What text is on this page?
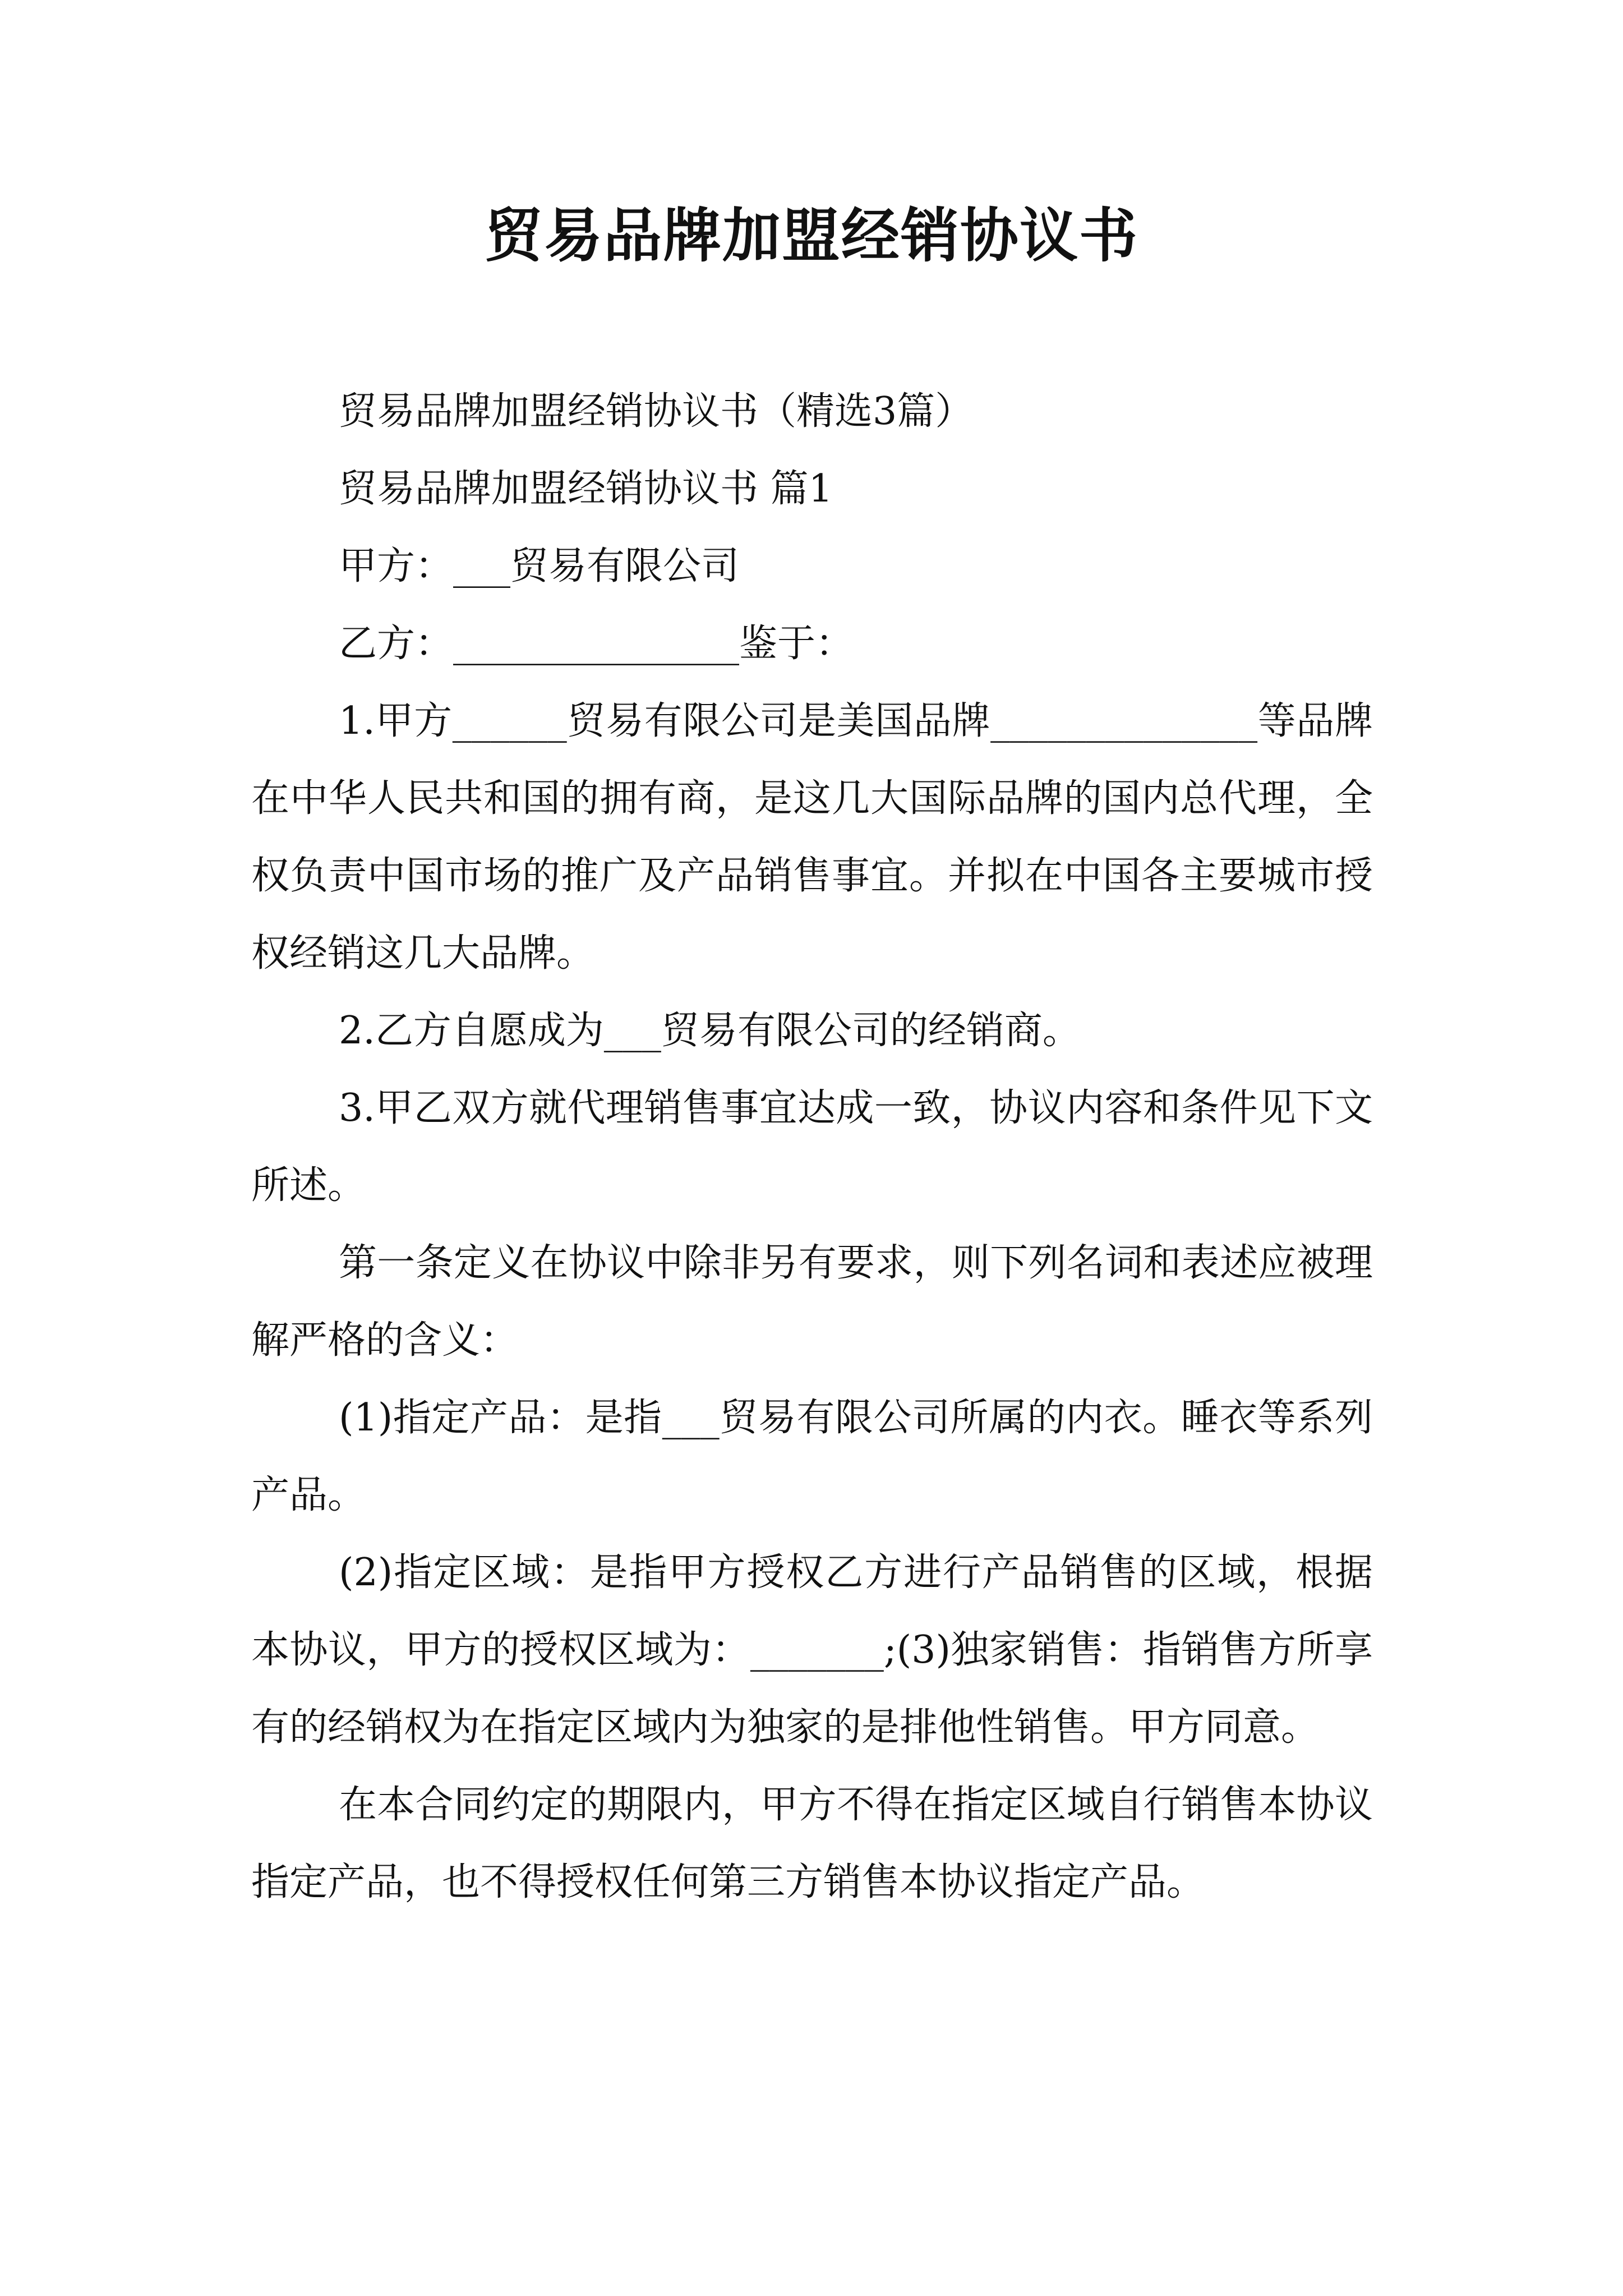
贸易品牌加盟经销协议书

贸易品牌加盟经销协议书（精选3篇）

贸易品牌加盟经销协议书 篇1

甲方：___贸易有限公司

乙方：_______________鉴于：

1.甲方______贸易有限公司是美国品牌______________等品牌在中华人民共和国的拥有商，是这几大国际品牌的国内总代理，全权负责中国市场的推广及产品销售事宜。并拟在中国各主要城市授权经销这几大品牌。

2.乙方自愿成为___贸易有限公司的经销商。

3.甲乙双方就代理销售事宜达成一致，协议内容和条件见下文所述。

第一条定义在协议中除非另有要求，则下列名词和表述应被理解严格的含义：

(1)指定产品：是指___贸易有限公司所属的内衣。睡衣等系列产品。

(2)指定区域：是指甲方授权乙方进行产品销售的区域，根据本协议，甲方的授权区域为：_______;(3)独家销售：指销售方所享有的经销权为在指定区域内为独家的是排他性销售。甲方同意。

在本合同约定的期限内，甲方不得在指定区域自行销售本协议指定产品，也不得授权任何第三方销售本协议指定产品。
